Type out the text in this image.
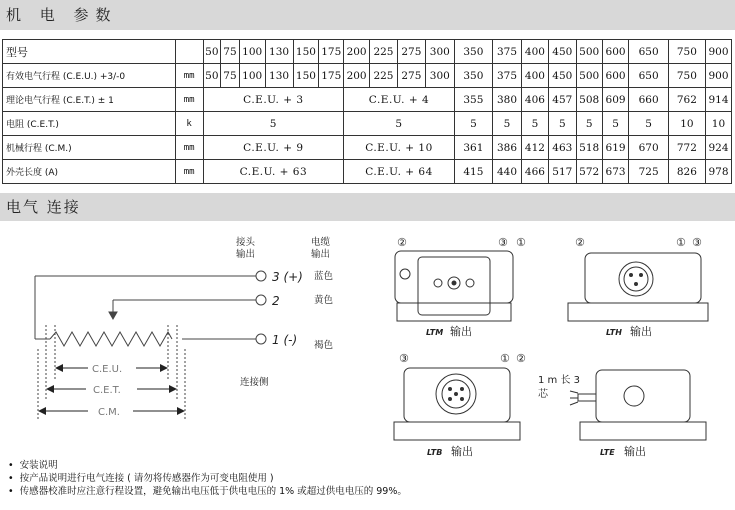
机 电 参数
型号		50	75	100	130	150	175	200	225	275	300	350	375	400	450	500	600	650	750	900
有效电气行程 (C.E.U.) +3/-0	mm	50	75	100	130	150	175	200	225	275	300	350	375	400	450	500	600	650	750	900
理论电气行程 (C.E.T.) ± 1	mm	C.E.U. + 3						C.E.U. + 4				355	380	406	457	508	609	660	762	914
电阻 (C.E.T.)	k	5						5				5	5	5	5	5	5	5	10	10
机械行程 (C.M.)	mm	C.E.U. + 9						C.E.U. + 10				361	386	412	463	518	619	670	772	924
外壳长度 (A)	mm	C.E.U. + 63						C.E.U. + 64				415	440	466	517	572	673	725	826	978
电气 连接
接头
输出
电缆
输出
3 (+)
2
1 (-)
蓝色
黄色
褐色
C.E.U.
C.E.T.
C.M.
连接侧
②	③ ①
LTM 输出
②	① ③
LTH 输出
③	① ②
LTB 输出
1 m 长 3
芯
LTE 输出
• 安装说明
• 按产品说明进行电气连接 ( 请勿将传感器作为可变电阻使用 )
• 传感器校准时应注意行程设置，避免输出电压低于供电电压的 1% 或超过供电电压的 99%。
